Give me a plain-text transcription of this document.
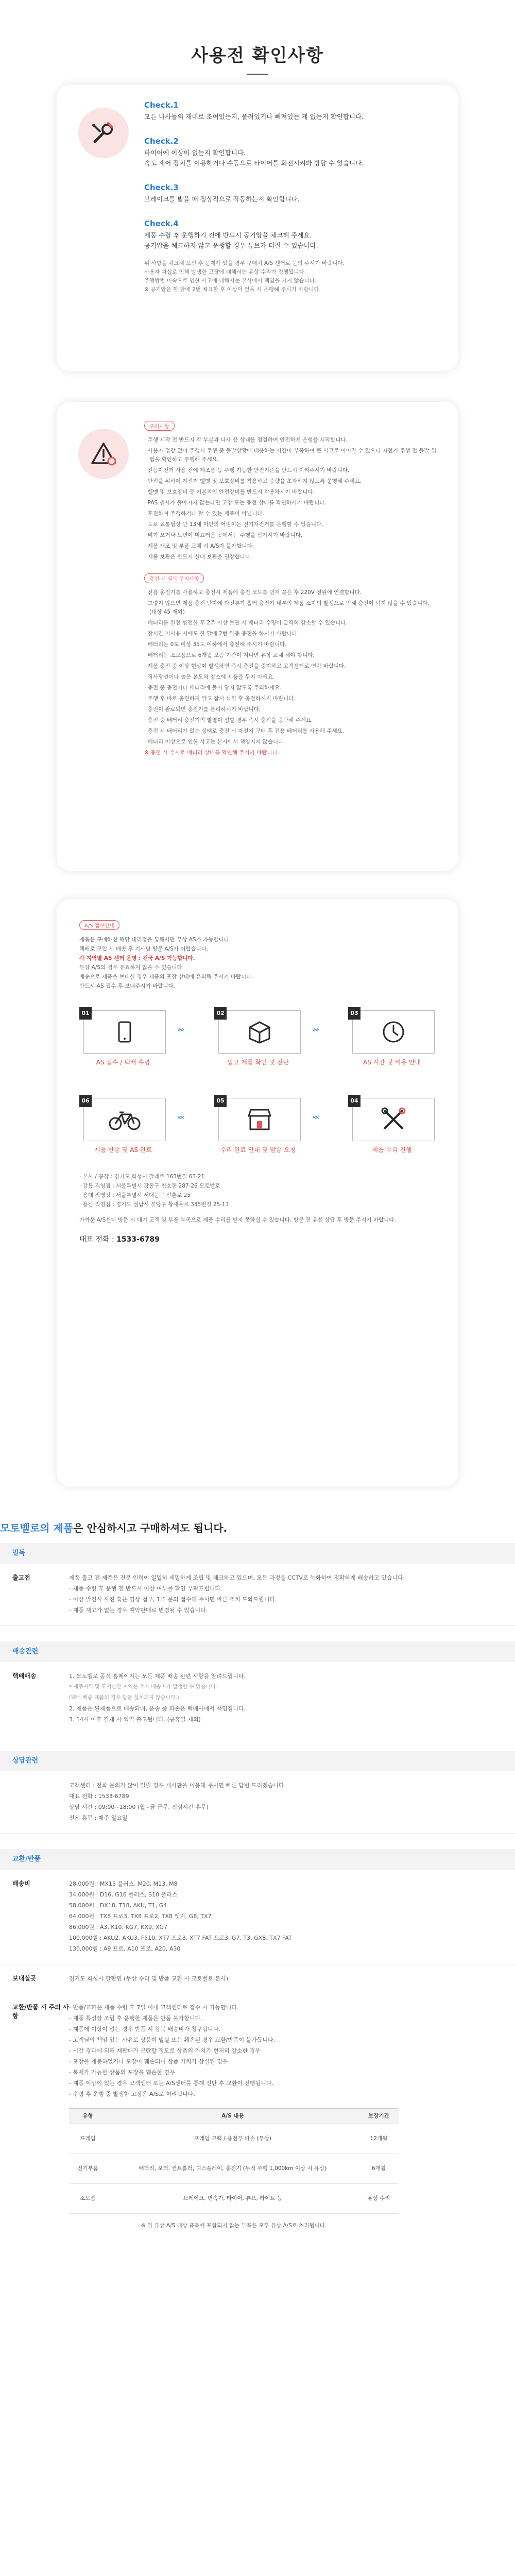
사용전 확인사항
Check.1
모든 나사들의 재대로 조여있는지, 풀려있거나 빼져있는 게 없는지 확인합니다.
Check.2
타이어에 이상이 없는지 확인합니다.
속도 제어 장치를 이용하거나 수동으로 타이어를 회전시켜봐 방향 수 있습니다.
Check.3
브레이크를 밟을 때 정상적으로 작동하는지 확인합니다.
Check.4
제품 수령 후 운행하기 전에 반드시 공기압을 체크해 주세요.
공기압을 체크하지 않고 운행할 경우 튜브가 터질 수 있습니다.
위 사항을 체크해 보신 후 문제가 있을 경우 구매처 A/S 센터로 문의 주시기 바랍니다.
사용자 과실로 인해 발생한 고장에 대해서는 유상 수리가 진행됩니다.
주행방법 미숙으로 인한 사고에 대해서는 본사에서 책임을 지지 않습니다.
※ 공기압은 한 달에 2번 체크한 후 이상이 없을 시 운행해 주시기 바랍니다.
주의사항
· 주행 시작 전 반드시 각 부분과 나사 등 상태를 점검하여 안전하게 운행을 시작합니다.
· 사용자 정강 없이 주행시 주행 중 돌발상황에 대응하는 시간이 부족하여 큰 사고로 이어질 수 있으니 자전거 주행 전 돌발 위험을 확인하고 주행해 주세요.
· 전동자전거 사용 전에 제조품 등 주행 가능한 안전기준을 반드시 지켜주시기 바랍니다.
· 안전을 위하여 자전거 헬멧 및 보호장비를 착용하고 중량을 초과하지 않도록 운행해 주세요.
· 헬멧 및 보호장비 등 기본적인 안전장비를 반드시 착용하시기 바랍니다.
· PAS 센서가 돌아가지 않는다면 고장 또는 충전 상태를 확인하시기 바랍니다.
· 후진하여 주행하거나 탈 수 있는 제품이 아닙니다.
· 도로 교통법상 만 13세 미만의 어린이는 전기자전거를 운행할 수 없습니다.
· 비가 오거나 노면이 미끄러운 곳에서는 주행을 삼가시기 바랍니다.
· 제품 개조 및 부품 교체 시 A/S가 불가합니다.
· 제품 보관은 반드시 실내 보관을 권장합니다.
충전 시 필독 주의사항
· 전용 충전기를 사용하고 충전시 제품에 충전 코드를 먼저 꽂은 후 220V 전원에 연결합니다.
· 그렇지 않으면 제품 충전 단자에 과전류가 흘러 충전기 내부의 제품 소자의 발생으로 인해 충전이 되지 않을 수 있습니다. (대상 45 제외)
· 배터리를 완전 방전한 후 2주 이상 보관 시 배터리 수명이 급격히 감소할 수 있습니다.
· 장시간 미사용 시에도 한 달에 2번 완충 충전을 하시기 바랍니다.
· 배터리는 0도 이상 35도 이하에서 충전해 주시기 바랍니다.
· 배터리는 소모품으로 6개월 보증 기간이 지나면 유상 교체 해야 합니다.
· 제품 충전 중 이상 현상이 발생하면 즉시 충전을 중지하고 고객센터로 연락 바랍니다.
· 직사광선이나 높은 온도의 장소에 제품을 두지 마세요.
· 충전 중 충전기나 배터리에 물이 닿지 않도록 주의하세요.
· 주행 후 바로 충전하지 말고 잠시 식힌 후 충전하시기 바랍니다.
· 충전이 완료되면 충전기를 분리하시기 바랍니다.
· 충전 중 배터리 충전기의 발열이 심할 경우 즉시 충전을 중단해 주세요.
· 충전 시 배터리가 없는 상태로 충전 시 자전거 구매 후 전용 배터리를 사용해 주세요.
· 배터리 이상으로 인한 사고는 본사에서 책임지지 않습니다.
※ 충전 시 수시로 배터리 상태를 확인해 주시기 바랍니다.
A/S 접수안내
제품은 구매하신 해당 대리점을 통해서만 무상 AS가 가능합니다.
택배로 구입 시 배송 후 기사님 방문 A/S가 어렵습니다.
각 지역별 AS 센터 운영 : 전국 A/S 가능합니다.
무상 A/S의 경우 유효하지 않을 수 있습니다.
배송으로 제품을 보내실 경우 제품의 포장 상태에 유의해 주시기 바랍니다.
반드시 AS 접수 후 보내주시기 바랍니다.
01
AS 접수 / 택배 수령
»»
02
입고 제품 확인 및 진단
»»
03
AS 시간 및 비용 안내
06
제품 반송 및 AS 완료
««
05
수리 완료 안내 및 발송 요청
««
04
제품 수리 진행
· 본사 / 공장 : 경기도 화성시 갈래로 163번길 63-21
· 강동 직영점 : 서울특별시 강동구 천호동 287-26 모토벨로
· 용대 직영점 : 서울특별시 서대문구 신촌로 25
· 용산 직영점 : 경기도 성남시 분당구 황새울로 335번길 25-13
가까운 A/S센터 방문 시 대기 고객 및 부품 부족으로 제품 수리를 받지 못하실 수 있습니다. 방문 전 유선 상담 후 방문 주시기 바랍니다.
대표 전화 : 1533-6789
모토벨로의 제품은 안심하시고 구매하셔도 됩니다.
필독
출고전	제품 출고 전 제품은 전문 인력이 일일히 세밀하게 조립 및 체크하고 있으며, 모든 과정을 CCTV로 녹화하여 정확하게 배송하고 있습니다.

- 제품 수령 후 운행 전 반드시 이상 여부를 확인 부탁드립니다.

- 이상 발견시 사진 혹은 영상 첨부, 1:1 문의 접수해 주시면 빠른 조치 도와드립니다.

- 제품 재고가 없는 경우 예약판매로 변경될 수 있습니다.

배송관련
택배배송	1. 모토벨로 공식 홈페이지는 모든 제품 배송 관련 사항을 알려드립니다.

* 제주지역 및 도서산간 지역은 추가 배송비가 발생할 수 있습니다.

(택배 배송 제품의 경우 방문 설치되지 않습니다.)

2. 제품은 완제품으로 배송되며, 운송 중 파손은 택배사에서 책임집니다.

3. 14시 이후 결제 시 익일 출고됩니다. (공휴일 제외)

상담관련

고객센터 : 전화 문의가 많이 밀릴 경우 게시판을 이용해 주시면 빠른 답변 드리겠습니다.

대표 전화 : 1533-6789

상담 시간 : 09:00~18:00 (월~금 근무, 점심시간 휴무)

전체 휴무 : 매주 일요일

교환/반품
배송비	28,000원 : MX15 플러스, M20, M13, M8

34,000원 : D16, G16 플러스, S10 플러스

58,000원 : DX18, T18, AKU, T1, G4

64,000원 : TX8 프로3, TX8 프로2, TX8 엣지, G8, TX7

86,000원 : A3, K10, KG7, KX9, XG7

100,000원 : AKU2, AKU3, F510, XT7 프로3, XT7 FAT 프로3, G7, T3, GX8, TX7 FAT

130,000원 : A9 프로, A10 프로, A20, A30

보내실곳	경기도 화성시 팔탄면 (무상 수리 및 반품 교환 시 모토벨로 본사)
교환/반품 시 주의 사항

- 반품/교환은 제품 수령 후 7일 이내 고객센터로 접수 시 가능합니다.

- 제품 특성상 조립 후 운행한 제품은 반품 불가합니다.

- 제품에 이상이 없는 경우 반품 시 왕복 배송비가 청구됩니다.

- 고객님의 책임 있는 사유로 상품이 멸실 또는 훼손된 경우 교환/반품이 불가합니다.

- 시간 경과에 의해 재판매가 곤란할 정도로 상품의 가치가 현저히 감소한 경우

- 포장을 개봉하였거나 포장이 훼손되어 상품 가치가 상실된 경우

- 복제가 가능한 상품의 포장을 훼손한 경우

- 제품 이상이 있는 경우 고객센터 또는 A/S센터를 통해 진단 후 교환이 진행됩니다.

- 수령 후 운행 중 발생한 고장은 A/S로 처리됩니다.

유형	A/S 내용	보장기간
프레임	프레임 크랙 / 용접부 파손 (무상)	12개월
전기부품	배터리, 모터, 컨트롤러, 디스플레이, 충전기 (누적 주행 1,000km 이상 시 유상)	6개월
소모품	브레이크, 변속기, 타이어, 튜브, 라이트 등	유상 수리
※ 위 유상 A/S 대상 품목에 포함되지 않는 부품은 모두 유상 A/S로 처리됩니다.
